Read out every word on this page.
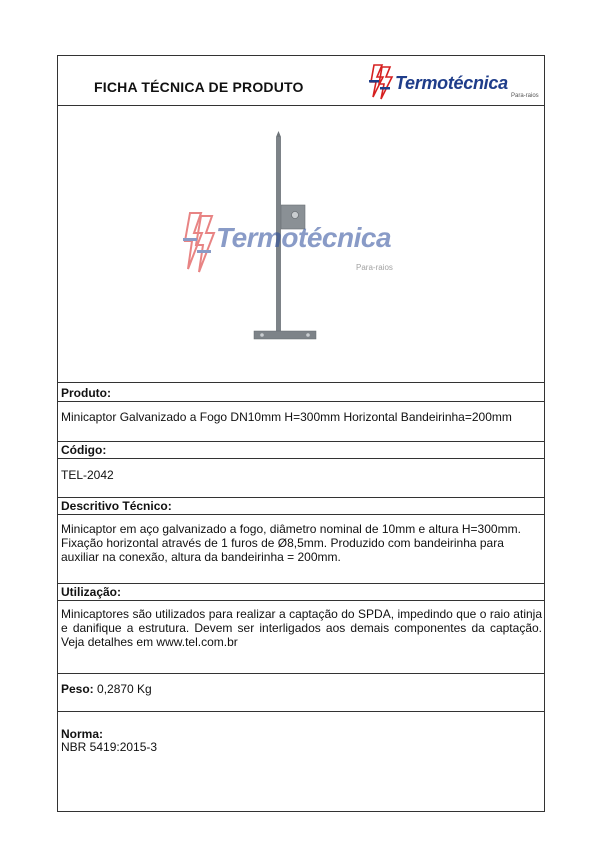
FICHA TÉCNICA DE PRODUTO	Termotécnica
Para-raios
Termotécnica
Para-raios
Produto:
Minicaptor Galvanizado a Fogo DN10mm H=300mm Horizontal Bandeirinha=200mm
Código:
TEL-2042
Descritivo Técnico:
Minicaptor em aço galvanizado a fogo, diâmetro nominal de 10mm e altura H=300mm.
Fixação horizontal através de 1 furos de Ø8,5mm. Produzido com bandeirinha para
auxiliar na conexão, altura da bandeirinha = 200mm.
Utilização:
Minicaptores são utilizados para realizar a captação do SPDA, impedindo que o raio atinja e danifique a estrutura. Devem ser interligados aos demais componentes da captação. Veja detalhes em www.tel.com.br
Peso: 0,2870 Kg
Norma:
NBR 5419:2015-3
